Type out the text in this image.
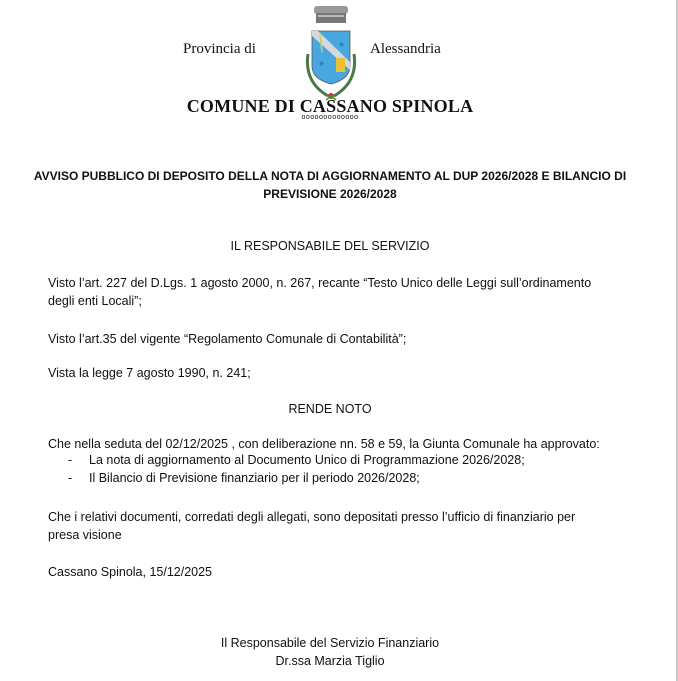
Provincia di	Alessandria
★
★
COMUNE DI CASSANO SPINOLA
ooooooooooooo
AVVISO PUBBLICO DI DEPOSITO DELLA NOTA DI AGGIORNAMENTO AL DUP 2026/2028 E BILANCIO DI PREVISIONE 2026/2028
IL RESPONSABILE DEL SERVIZIO
Visto l’art. 227 del D.Lgs. 1 agosto 2000, n. 267, recante “Testo Unico delle Leggi sull’ordinamento
degli enti Locali”;
Visto l’art.35 del vigente “Regolamento Comunale di Contabilità”;
Vista la legge 7 agosto 1990, n. 241;
RENDE NOTO
Che nella seduta del 02/12/2025 , con deliberazione nn. 58 e 59, la Giunta Comunale ha approvato:
- La nota di aggiornamento al Documento Unico di Programmazione 2026/2028;
- Il Bilancio di Previsione finanziario per il periodo 2026/2028;
Che i relativi documenti, corredati degli allegati, sono depositati presso l’ufficio di finanziario per
presa visione
Cassano Spinola, 15/12/2025
Il Responsabile del Servizio Finanziario
Dr.ssa Marzia Tiglio
